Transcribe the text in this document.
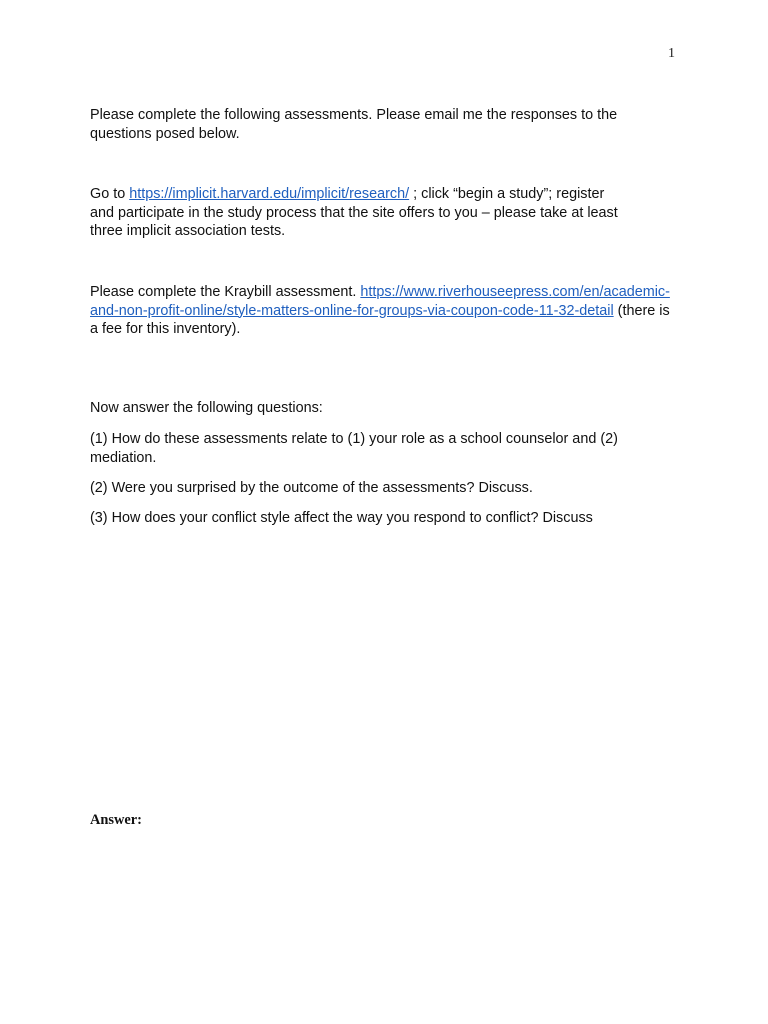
1

Please complete the following assessments. Please email me the responses to the questions posed below.

Go to https://implicit.harvard.edu/implicit/research/ ; click “begin a study”; register and participate in the study process that the site offers to you – please take at least three implicit association tests.

Please complete the Kraybill assessment. https://www.riverhouseepress.com/en/academic-and-non-profit-online/style-matters-online-for-groups-via-coupon-code-11-32-detail (there is a fee for this inventory).

Now answer the following questions:

(1) How do these assessments relate to (1) your role as a school counselor and (2) mediation.

(2) Were you surprised by the outcome of the assessments? Discuss.

(3) How does your conflict style affect the way you respond to conflict? Discuss

Answer:
